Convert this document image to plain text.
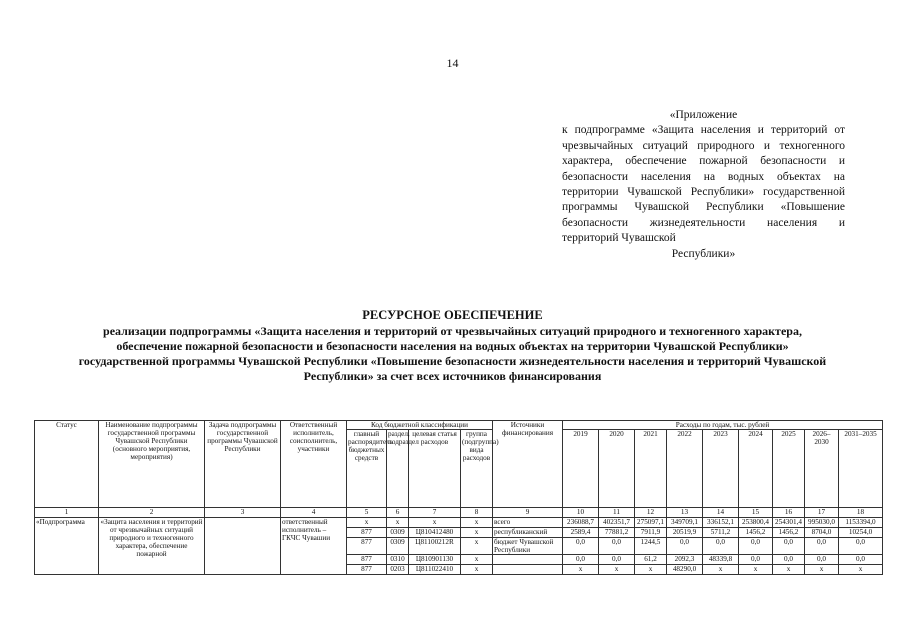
14
«Приложение
к подпрограмме «Защита населения и территорий от чрезвычайных ситуаций природного и техногенного характера, обеспечение пожарной безопасности и безопасности населения на водных объектах на территории Чувашской Республики» государственной программы Чувашской Республики «Повышение безопасности жизнедеятельности населения и территорий Чувашской
Республики»
РЕСУРСНОЕ ОБЕСПЕЧЕНИЕ
реализации подпрограммы «Защита населения и территорий от чрезвычайных ситуаций природного и техногенного характера, обеспечение пожарной безопасности и безопасности населения на водных объектах на территории Чувашской Республики» государственной программы Чувашской Республики «Повышение безопасности жизнедеятельности населения и территорий Чувашской Республики» за счет всех источников финансирования
Статус	Наименование подпрограммы государственной программы Чувашской Республики (основного мероприятия, мероприятия)	Задача подпрограммы государственной программы Чувашской Республики	Ответственный исполнитель, соисполнитель, участники	Код бюджетной классификации				Источники финансирования	Расходы по годам, тыс. рублей								
				главный распорядитель бюджетных средств	раздел, подраздел	целевая статья расходов	группа (подгруппа) вида расходов		2019	2020	2021	2022	2023	2024	2025	2026–2030	2031–2035
1	2	3	4	5	6	7	8	9	10	11	12	13	14	15	16	17	18
«Подпрограмма	«Защита населения и территорий от чрезвычайных ситуаций природного и техногенного характера, обеспечение пожарной		ответственный исполнитель – ГКЧС Чувашии	x	x	x	x	всего	236088,7	402351,7	275097,1	349709,1	336152,1	253800,4	254301,4	995030,0	1153394,0
				877	0309	Ц810412480	x	республиканский	2589,4	77881,2	7911,9	20519,9	5711,2	1456,2	1456,2	8704,0	10254,0
				877	0309	Ц81100212R	x	бюджет Чувашской Республики	0,0	0,0	1244,5	0,0	0,0	0,0	0,0	0,0	0,0
				877	0310	Ц810901130	x		0,0	0,0	61,2	2092,3	48339,8	0,0	0,0	0,0	0,0
				877	0203	Ц811022410	x		x	x	x	48290,0	x	x	x	x	x
